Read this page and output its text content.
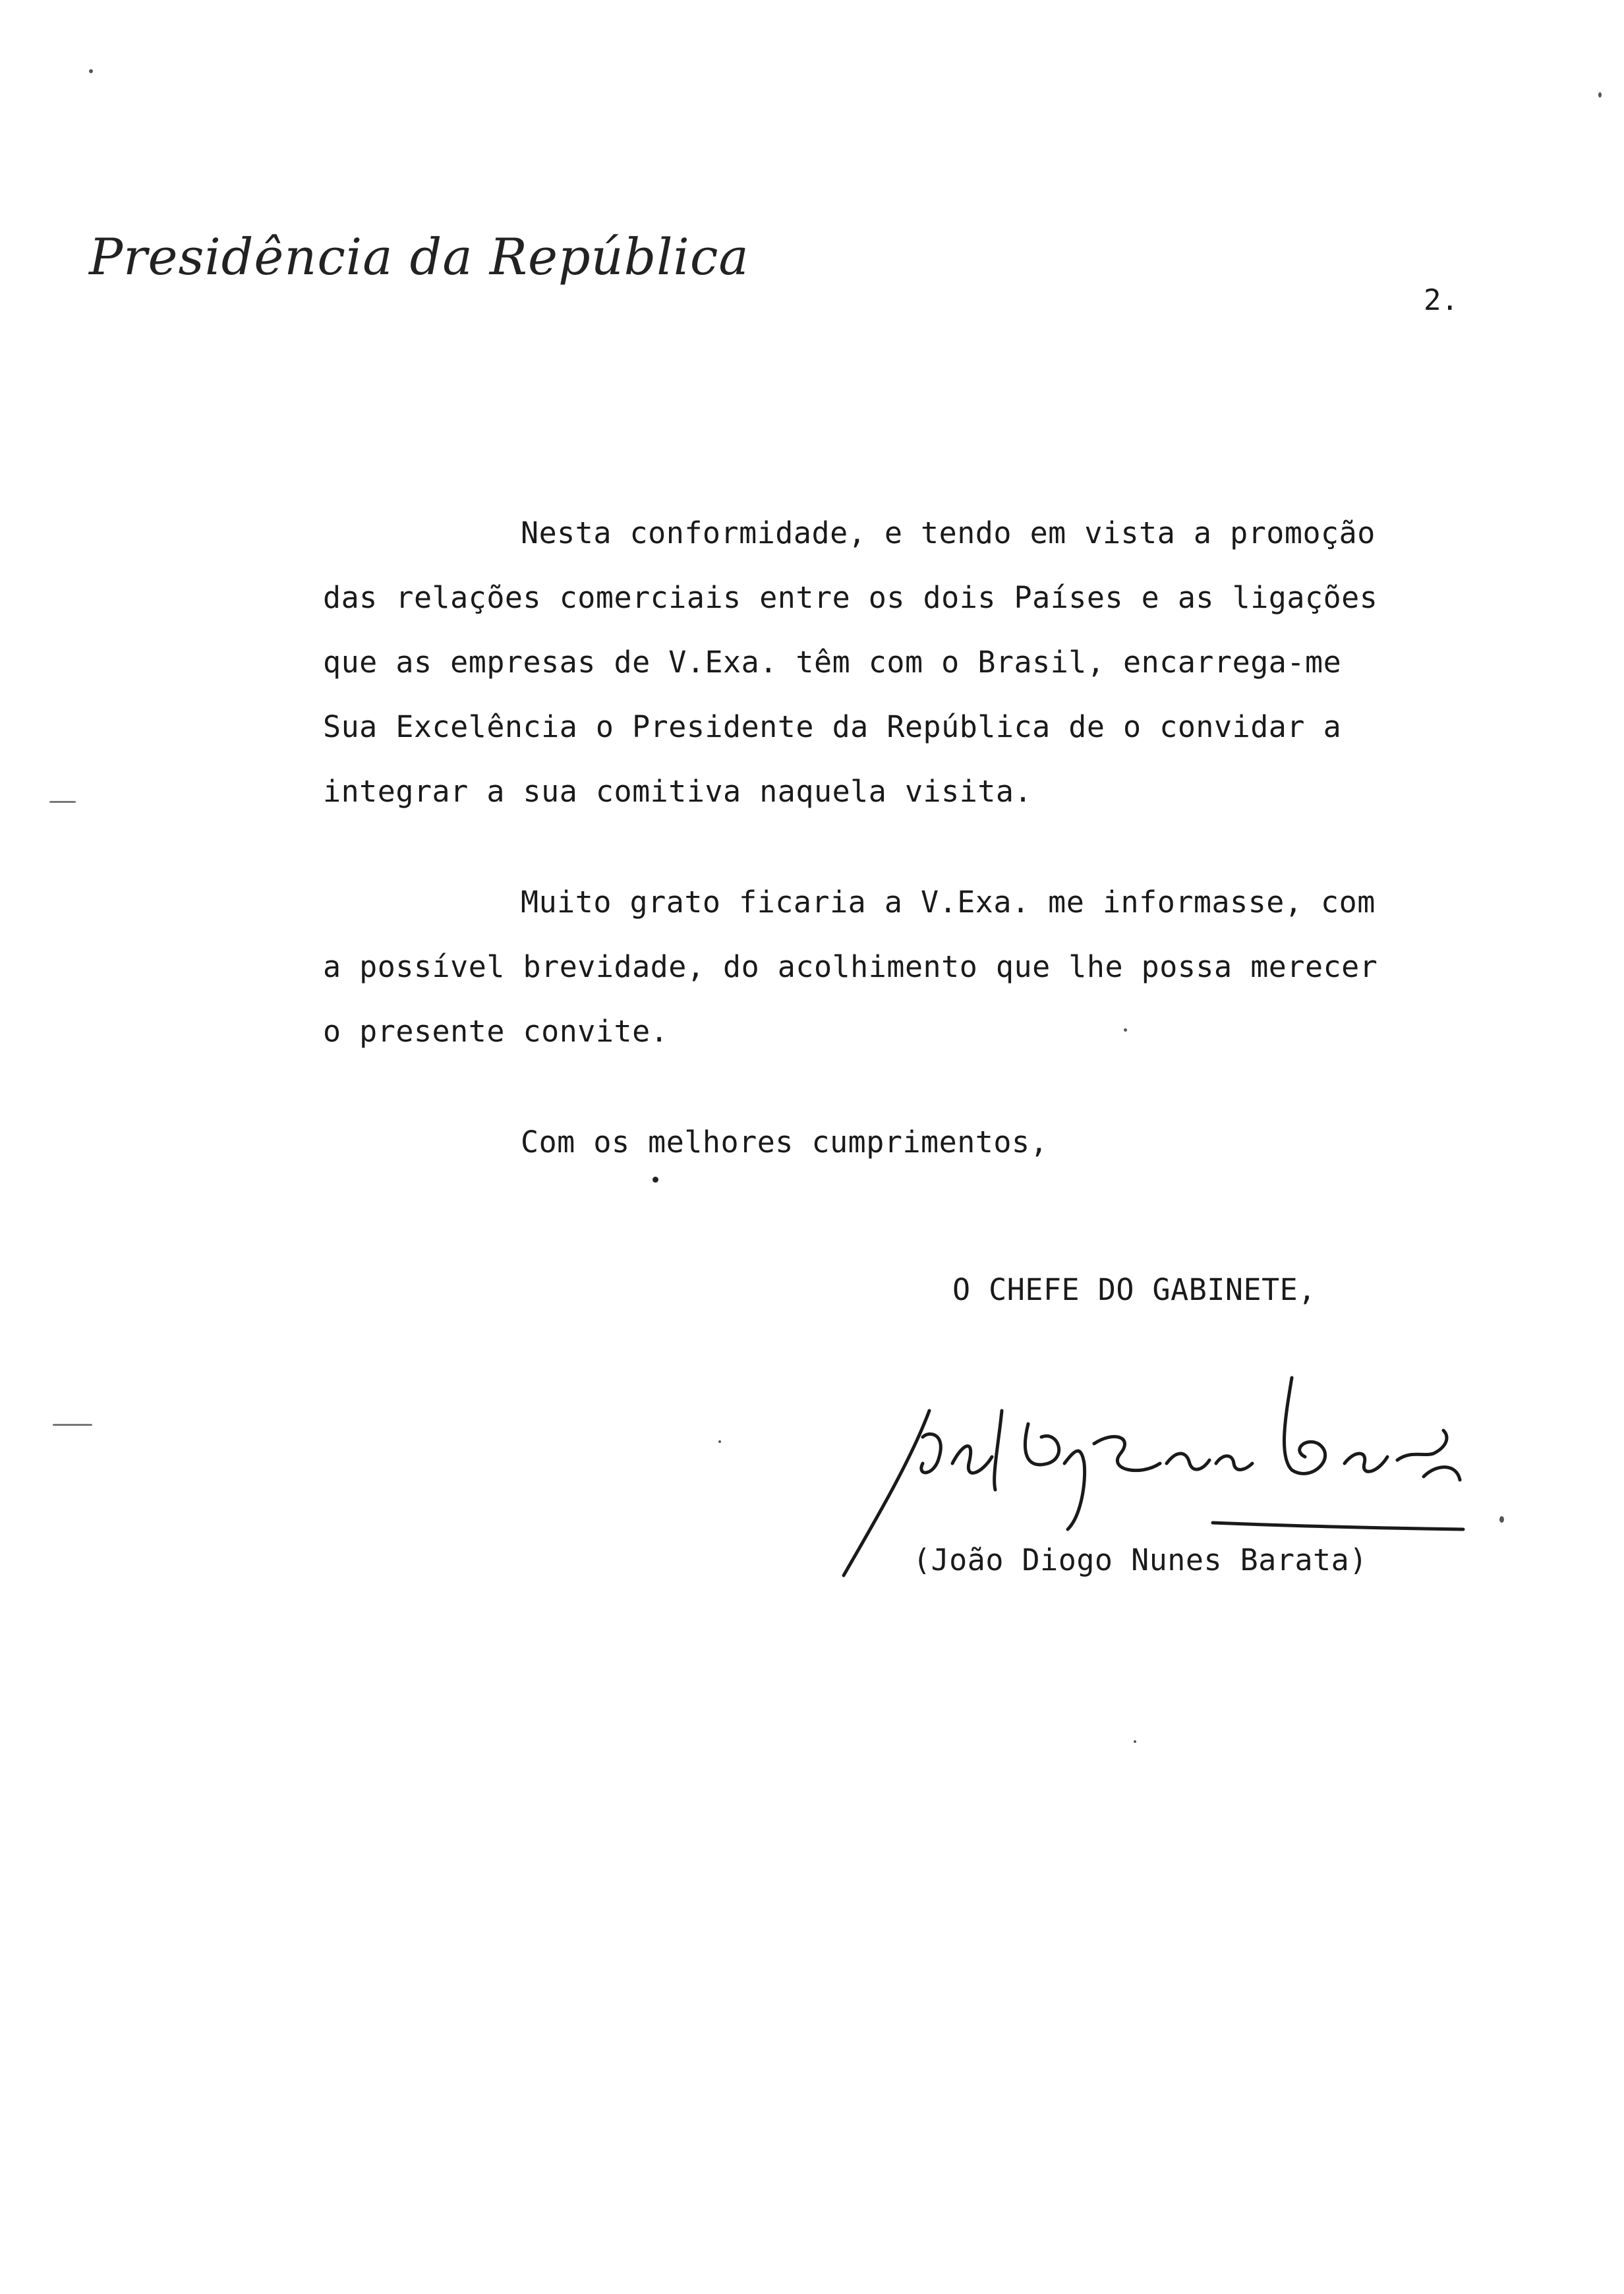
Presidência da República
2.

Nesta conformidade, e tendo em vista a promoção
das relações comerciais entre os dois Países e as ligações
que as empresas de V.Exa. têm com o Brasil, encarrega-me
Sua Excelência o Presidente da República de o convidar a
integrar a sua comitiva naquela visita.

Muito grato ficaria a V.Exa. me informasse, com
a possível brevidade, do acolhimento que lhe possa merecer
o presente convite.

Com os melhores cumprimentos,

O CHEFE DO GABINETE,
(João Diogo Nunes Barata)
